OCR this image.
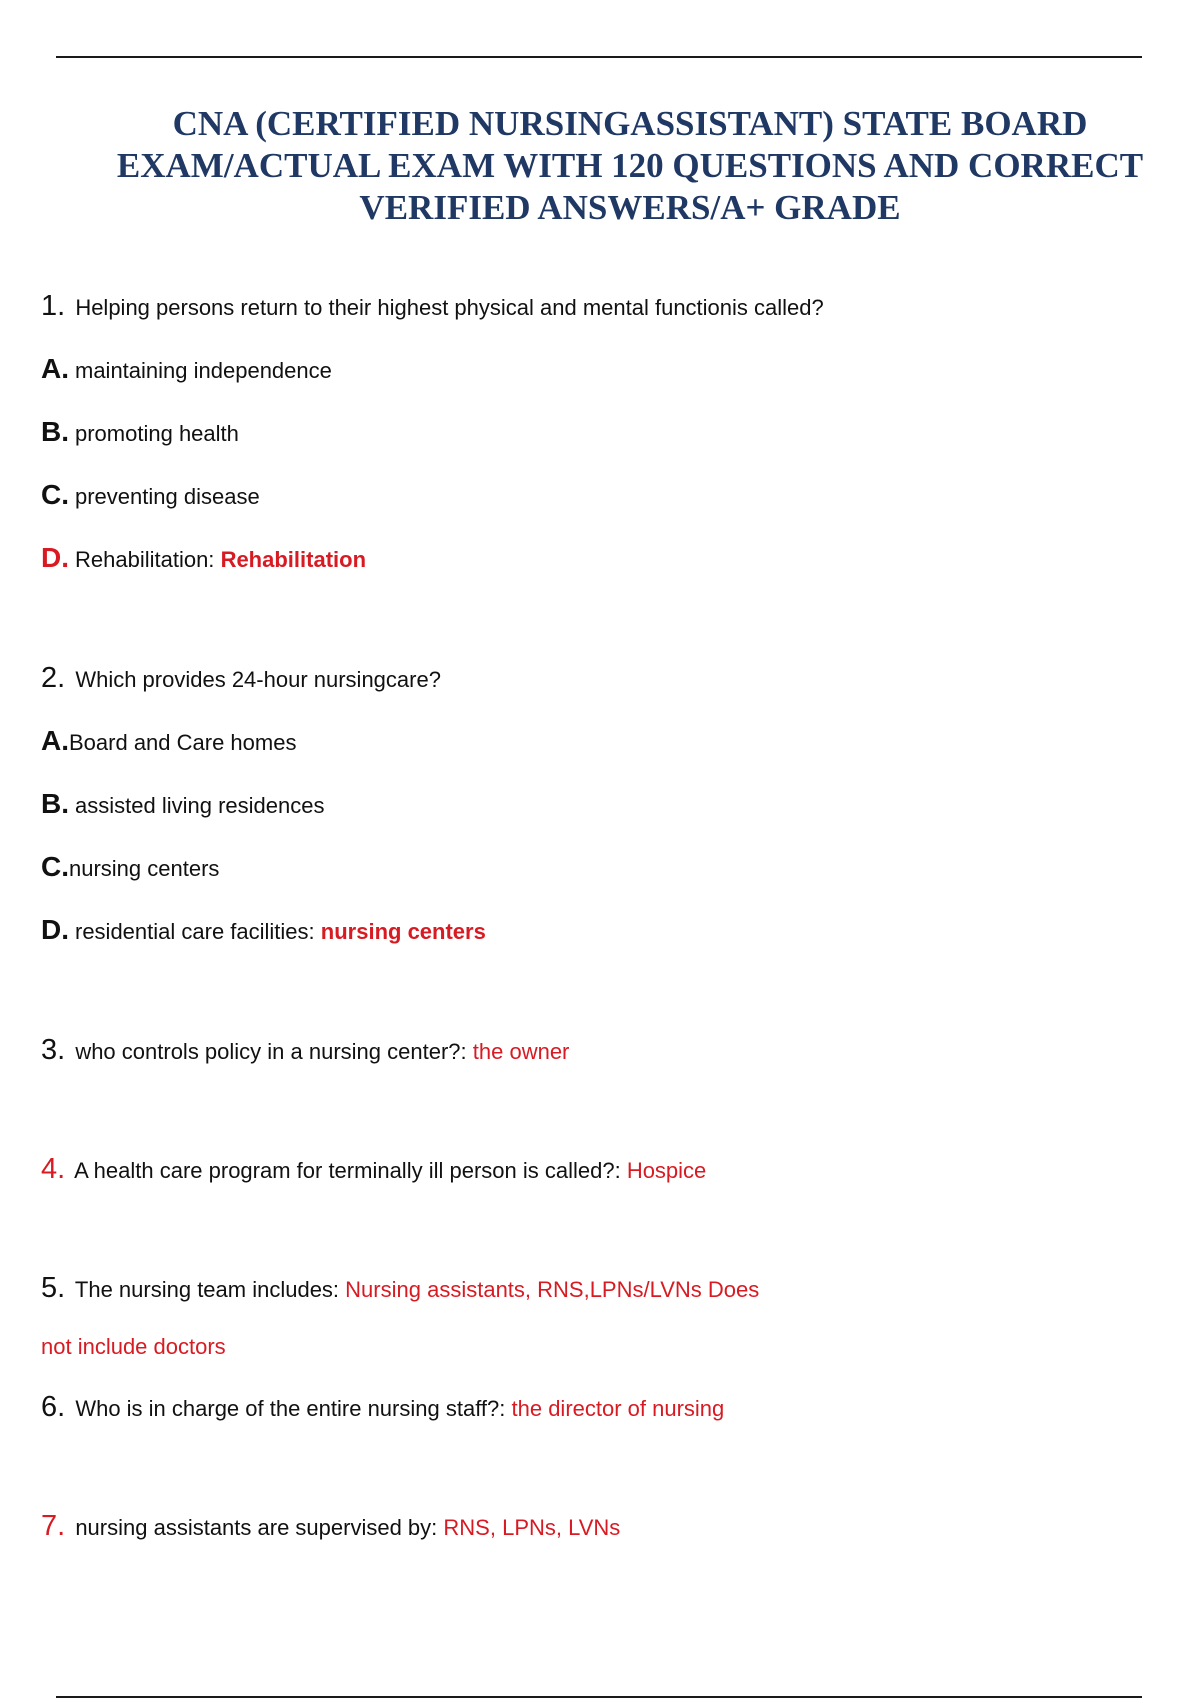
CNA (CERTIFIED NURSINGASSISTANT) STATE BOARD EXAM/ACTUAL EXAM WITH 120 QUESTIONS AND CORRECT VERIFIED ANSWERS/A+ GRADE
1. Helping persons return to their highest physical and mental functionis called?
A. maintaining independence
B. promoting health
C. preventing disease
D. Rehabilitation: Rehabilitation
2. Which provides 24-hour nursingcare?
A.Board and Care homes
B. assisted living residences
C.nursing centers
D. residential care facilities: nursing centers
3. who controls policy in a nursing center?: the owner
4. A health care program for terminally ill person is called?: Hospice
5. The nursing team includes: Nursing assistants, RNS,LPNs/LVNs Does
not include doctors
6. Who is in charge of the entire nursing staff?: the director of nursing
7. nursing assistants are supervised by: RNS, LPNs, LVNs
